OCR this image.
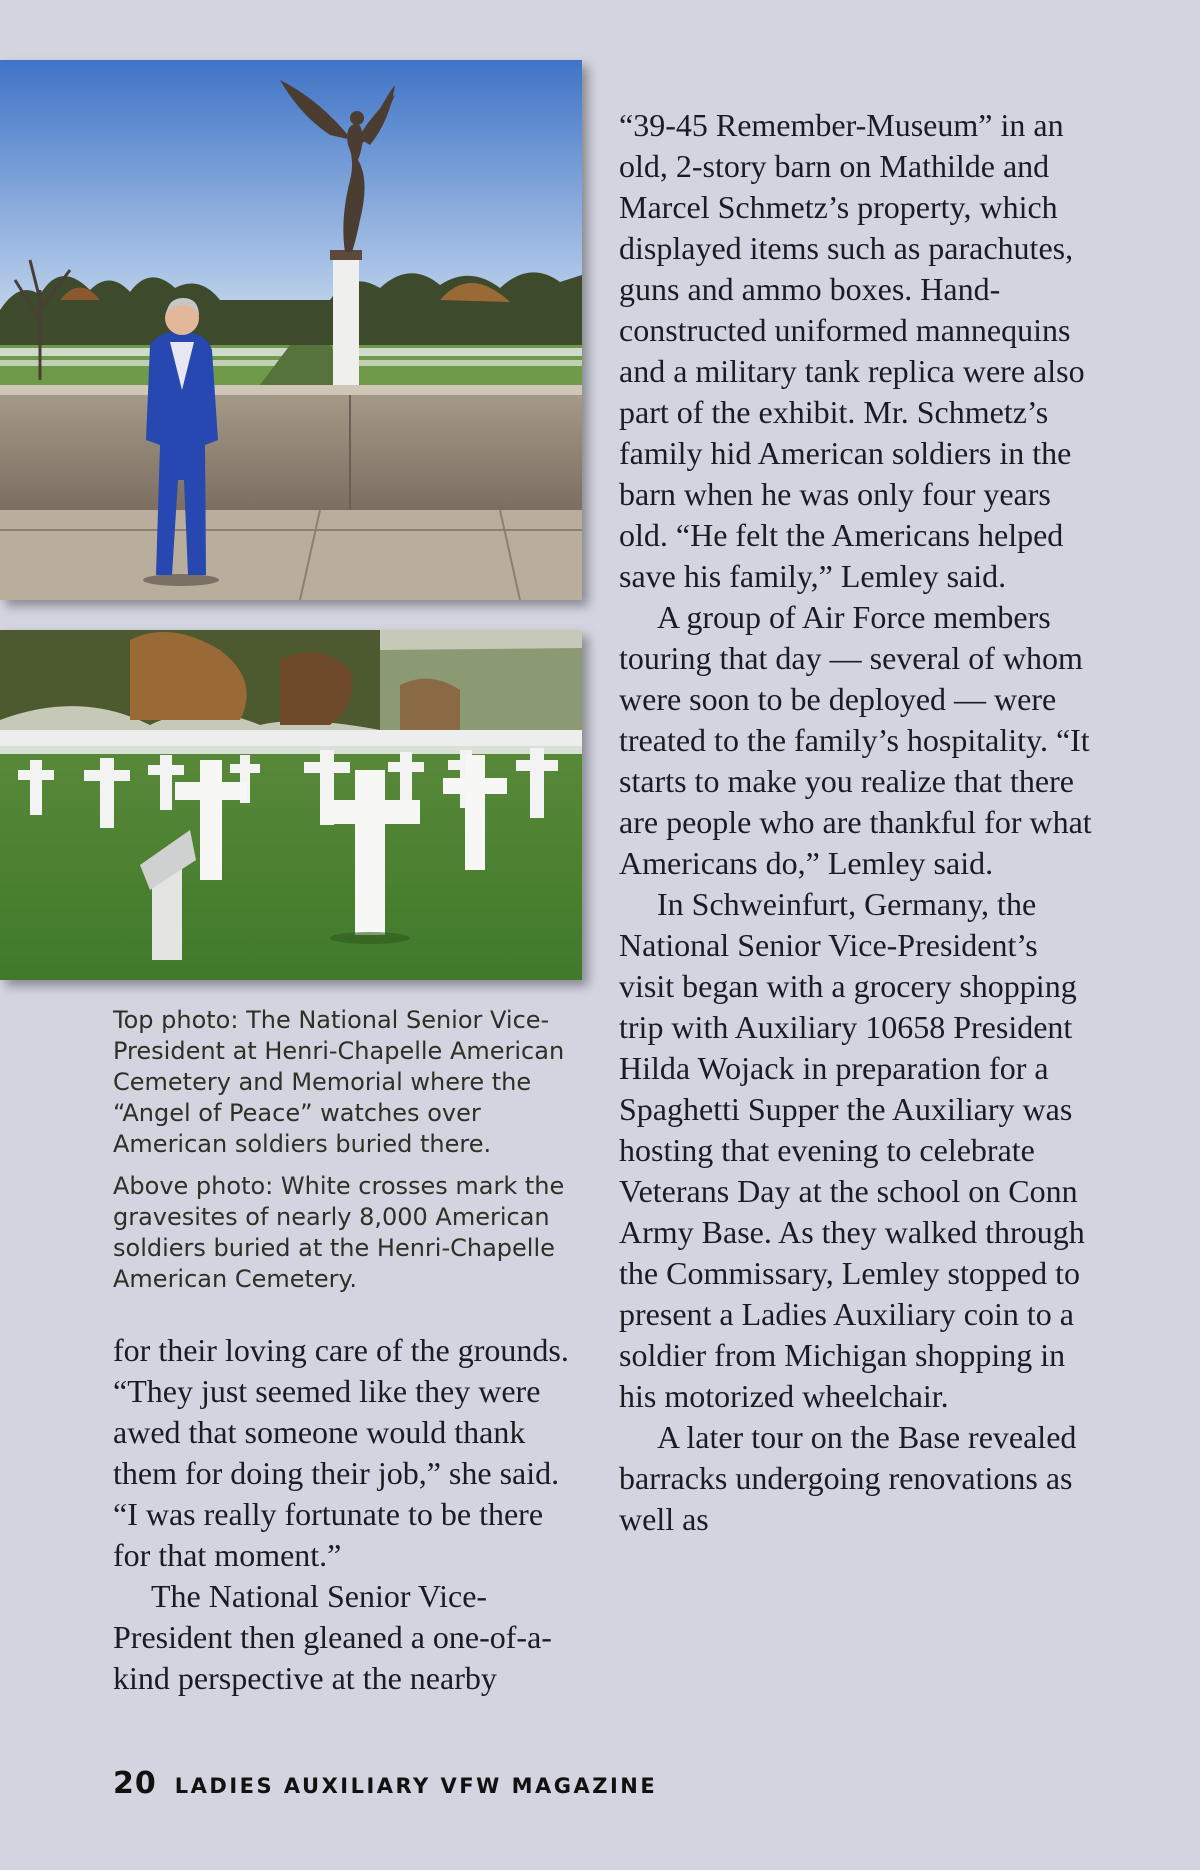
Top photo: The National Senior Vice-President at Henri-Chapelle American Cemetery and Memorial where the “Angel of Peace” watches over American soldiers buried there.

Above photo: White crosses mark the gravesites of nearly 8,000 American soldiers buried at the Henri-Chapelle American Cemetery.

for their loving care of the grounds. “They just seemed like they were awed that someone would thank them for doing their job,” she said. “I was really fortunate to be there for that moment.”

The National Senior Vice-President then gleaned a one-of-a-kind perspective at the nearby

“39-45 Remember-Museum” in an old, 2-story barn on Mathilde and Marcel Schmetz’s property, which displayed items such as parachutes, guns and ammo boxes. Hand-constructed uniformed mannequins and a military tank replica were also part of the exhibit. Mr. Schmetz’s family hid American soldiers in the barn when he was only four years old. “He felt the Americans helped save his family,” Lemley said.

A group of Air Force members touring that day — several of whom were soon to be deployed — were treated to the family’s hospitality. “It starts to make you realize that there are people who are thankful for what Americans do,” Lemley said.

In Schweinfurt, Germany, the National Senior Vice-President’s visit began with a grocery shopping trip with Auxiliary 10658 President Hilda Wojack in preparation for a Spaghetti Supper the Auxiliary was hosting that evening to celebrate Veterans Day at the school on Conn Army Base. As they walked through the Commissary, Lemley stopped to present a Ladies Auxiliary coin to a soldier from Michigan shopping in his motorized wheelchair.

A later tour on the Base revealed barracks undergoing renovations as well as

20 LADIES AUXILIARY VFW MAGAZINE
